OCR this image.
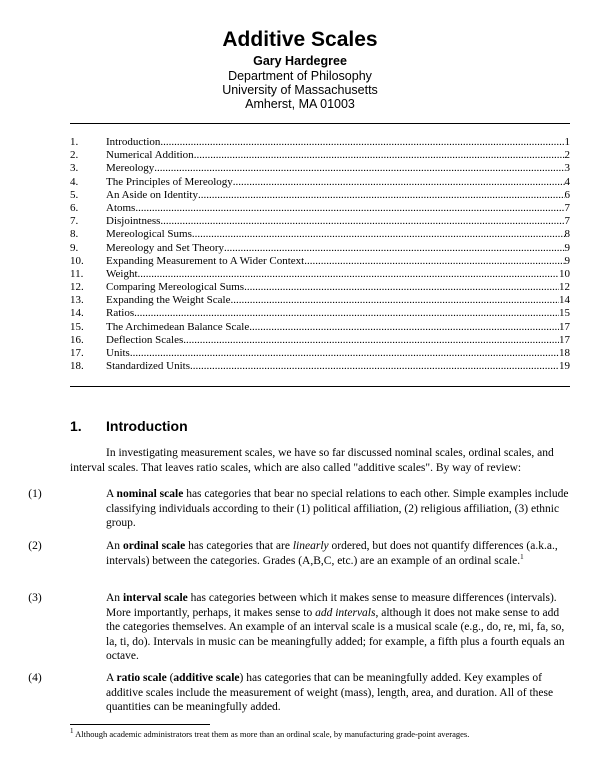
Additive Scales
Gary Hardegree
Department of Philosophy
University of Massachusetts
Amherst, MA 01003
1.	Introduction .....	1
2.	Numerical Addition .....	2
3.	Mereology .....	3
4.	The Principles of Mereology .....	4
5.	An Aside on Identity .....	6
6.	Atoms .....	7
7.	Disjointness .....	7
8.	Mereological Sums .....	8
9.	Mereology and Set Theory .....	9
10.	Expanding Measurement to A Wider Context .....	9
11.	Weight .....	10
12.	Comparing Mereological Sums .....	12
13.	Expanding the Weight Scale .....	14
14.	Ratios .....	15
15.	The Archimedean Balance Scale .....	17
16.	Deflection Scales .....	17
17.	Units .....	18
18.	Standardized Units .....	19
1. Introduction
In investigating measurement scales, we have so far discussed nominal scales, ordinal scales, and interval scales. That leaves ratio scales, which are also called "additive scales". By way of review:
(1)	A nominal scale has categories that bear no special relations to each other. Simple examples include classifying individuals according to their (1) political affiliation, (2) religious affiliation, (3) ethnic group.
(2)	An ordinal scale has categories that are linearly ordered, but does not quantify differences (a.k.a., intervals) between the categories. Grades (A,B,C, etc.) are an example of an ordinal scale.$^1$
(3)	An interval scale has categories between which it makes sense to measure differences (intervals). More importantly, perhaps, it makes sense to add intervals, although it does not make sense to add the categories themselves. An example of an interval scale is a musical scale (e.g., do, re, mi, fa, so, la, ti, do). Intervals in music can be meaningfully added; for example, a fifth plus a fourth equals an octave.
(4)	A ratio scale (additive scale) has categories that can be meaningfully added. Key examples of additive scales include the measurement of weight (mass), length, area, and duration. All of these quantities can be meaningfully added.
$^1$ Although academic administrators treat them as more than an ordinal scale, by manufacturing grade-point averages.
